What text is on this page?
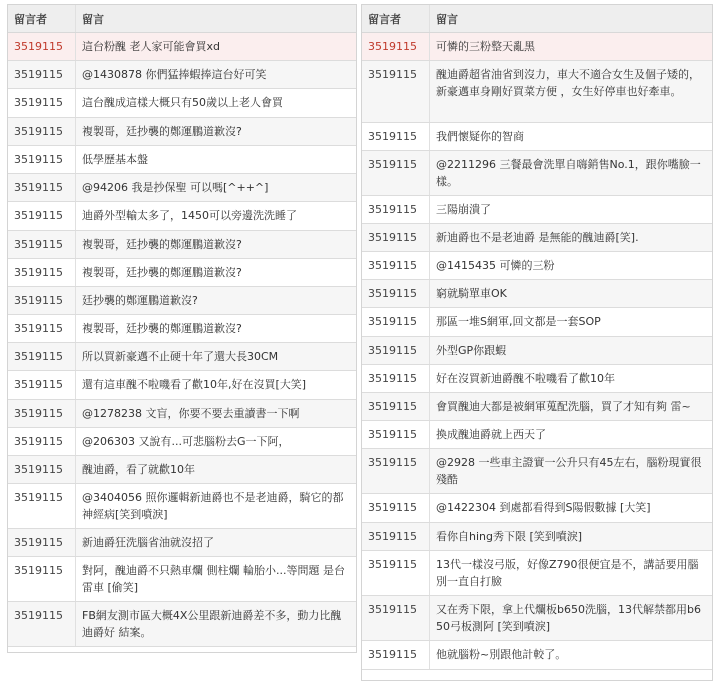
留言者	留言
3519115	這台粉醜 老人家可能會買xd
3519115	@1430878 你們猛捧蝦捧這台好可笑
3519115	這台醜成這樣大概只有50歲以上老人會買
3519115	複製哥，廷抄襲的鄭運鵬道歉沒?
3519115	低學歷基本盤
3519115	@94206 我是抄保聖 可以嗎[^++^]
3519115	迪爵外型輸太多了，1450可以旁邊洗洗睡了
3519115	複製哥，廷抄襲的鄭運鵬道歉沒?
3519115	複製哥，廷抄襲的鄭運鵬道歉沒?
3519115	廷抄襲的鄭運鵬道歉沒?
3519115	複製哥，廷抄襲的鄭運鵬道歉沒?
3519115	所以買新豪邁不止硬十年了還大長30CM
3519115	還有這車醜不啦嘰看了歡10年,好在沒買[大笑]
3519115	@1278238 文盲，你要不要去重讀書一下啊
3519115	@206303 又說有...可悲腦粉去G一下阿，
3519115	醜迪爵，看了就歡10年
3519115	@3404056 照你邏輯新迪爵也不是老迪爵，騎它的都神經病[笑到噴淚]
3519115	新迪爵狂洗腦省油就沒招了
3519115	對阿，醜迪爵不只熱車爛 側柱爛 輪胎小...等問題 是台雷車 [偷笑]
3519115	FB網友測市區大概4X公里跟新迪爵差不多，動力比醜迪爵好 結案。
留言者	留言
3519115	可憐的三粉整天亂黑
3519115	醜迪爵超省油省到沒力，車大不適合女生及個子矮的，新豪邁車身剛好買菜方便 ，女生好停車也好牽車。
3519115	我們懷疑你的智商
3519115	@2211296 三餐最會洗單自嗨銷售No.1，跟你嘴臉一樣。
3519115	三陽崩潰了
3519115	新迪爵也不是老迪爵 是無能的醜迪爵[笑].
3519115	@1415435 可憐的三粉
3519115	窮就騎單車OK
3519115	那區一堆S網軍,回文都是一套SOP
3519115	外型GP你跟蝦
3519115	好在沒買新迪爵醜不啦嘰看了歡10年
3519115	會買醜迪大都是被網軍蒐配洗腦，買了才知有夠 雷~
3519115	換成醜迪爵就上西天了
3519115	@2928 一些車主證實一公升只有45左右，腦粉現實很殘酷
3519115	@1422304 到處都看得到S陽假數據 [大笑]
3519115	看你自hing秀下限 [笑到噴淚]
3519115	13代一樣沒弓版，好像Z790很便宜是不，講話要用腦別一直自打臉
3519115	又在秀下限，拿上代爛板b650洗腦，13代解禁都用b650弓板測阿 [笑到噴淚]
3519115	他就腦粉~別跟他計較了。
